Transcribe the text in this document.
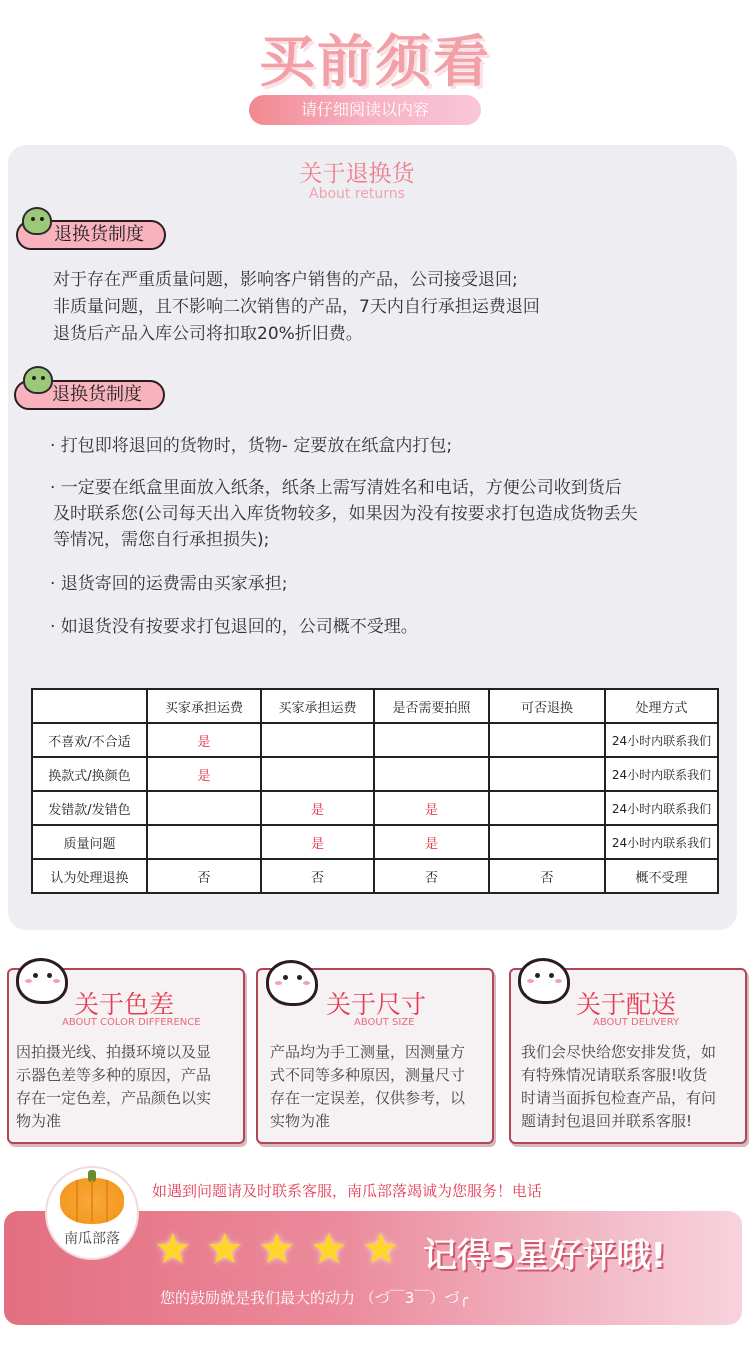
买前须看
请仔细阅读以内容
关于退换货
About returns
退换货制度
对于存在严重质量问题，影响客户销售的产品，公司接受退回;
非质量问题，且不影响二次销售的产品，7天内自行承担运费退回
退货后产品入库公司将扣取20%折旧费。
退换货制度
· 打包即将退回的货物时，货物- 定要放在纸盒内打包;
· 一定要在纸盒里面放入纸条，纸条上需写清姓名和电话，方便公司收到货后
及时联系您(公司每天出入库货物较多，如果因为没有按要求打包造成货物丢失
等情况，需您自行承担损失);
· 退货寄回的运费需由买家承担;
· 如退货没有按要求打包退回的，公司概不受理。
	买家承担运费	买家承担运费	是否需要拍照	可否退换	处理方式
不喜欢/不合适	是				24小时内联系我们
换款式/换颜色	是				24小时内联系我们
发错款/发错色		是	是		24小时内联系我们
质量问题		是	是		24小时内联系我们
认为处理退换	否	否	否	否	概不受理
关于色差
ABOUT COLOR DIFFERENCE
因拍摄光线、拍摄环境以及显
示器色差等多种的原因，产品
存在一定色差，产品颜色以实
物为准
关于尺寸
ABOUT SIZE
产品均为手工测量，因测量方
式不同等多种原因，测量尺寸
存在一定误差，仅供参考，以
实物为准
关于配送
ABOUT DELIVERY
我们会尽快给您安排发货，如
有特殊情况请联系客服!收货
时请当面拆包检查产品，有问
题请封包退回并联系客服!
如遇到问题请及时联系客服，南瓜部落竭诚为您服务！电话
南瓜部落 ★ ★ ★ ★ ★ 记得5星好评哦!
您的鼓励就是我们最大的动力 （づ￣3￣）づ╭
